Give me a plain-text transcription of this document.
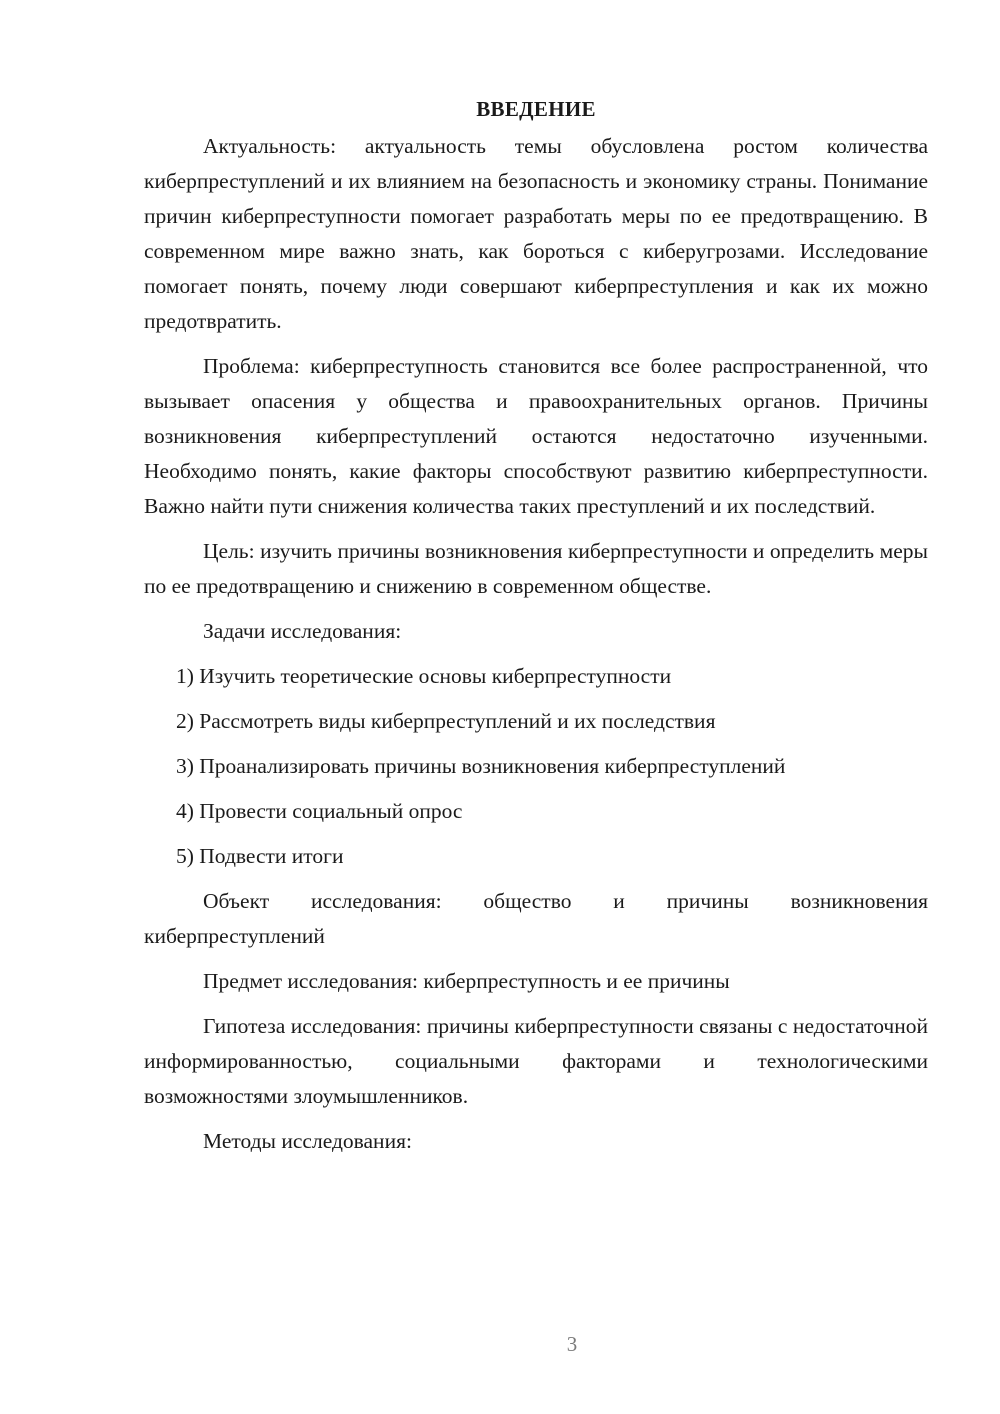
ВВЕДЕНИЕ
Актуальность: актуальность темы обусловлена ростом количества киберпреступлений и их влиянием на безопасность и экономику страны. Понимание причин киберпреступности помогает разработать меры по ее предотвращению. В современном мире важно знать, как бороться с киберугрозами. Исследование помогает понять, почему люди совершают киберпреступления и как их можно предотвратить.
Проблема: киберпреступность становится все более распространенной, что вызывает опасения у общества и правоохранительных органов. Причины возникновения киберпреступлений остаются недостаточно изученными. Необходимо понять, какие факторы способствуют развитию киберпреступности. Важно найти пути снижения количества таких преступлений и их последствий.
Цель: изучить причины возникновения киберпреступности и определить меры по ее предотвращению и снижению в современном обществе.
Задачи исследования:
1) Изучить теоретические основы киберпреступности
2) Рассмотреть виды киберпреступлений и их последствия
3) Проанализировать причины возникновения киберпреступлений
4) Провести социальный опрос
5) Подвести итоги
Объект исследования: общество и причины возникновения киберпреступлений
Предмет исследования: киберпреступность и ее причины
Гипотеза исследования: причины киберпреступности связаны с недостаточной информированностью, социальными факторами и технологическими возможностями злоумышленников.
Методы исследования:
3
